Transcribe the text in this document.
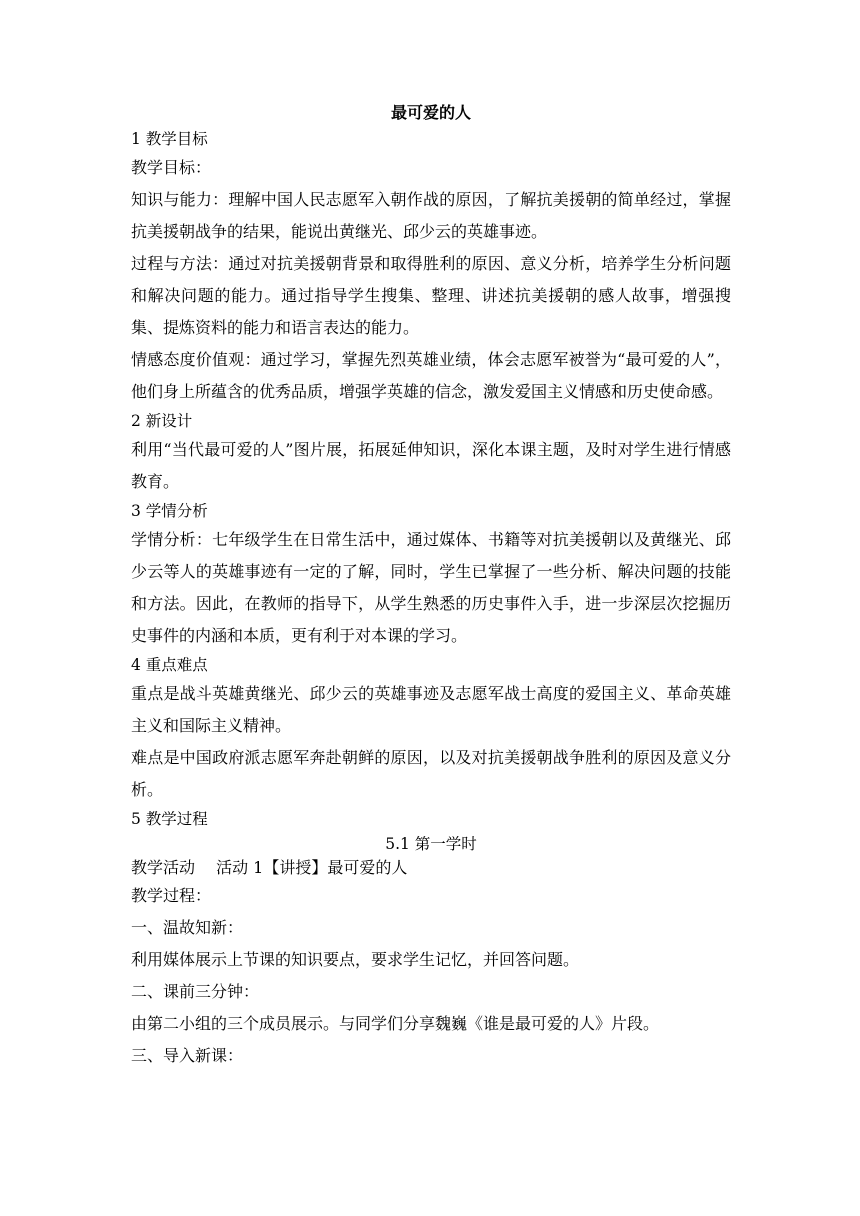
最可爱的人
1 教学目标

教学目标：

知识与能力：理解中国人民志愿军入朝作战的原因，了解抗美援朝的简单经过，掌握抗美援朝战争的结果，能说出黄继光、邱少云的英雄事迹。

过程与方法：通过对抗美援朝背景和取得胜利的原因、意义分析，培养学生分析问题和解决问题的能力。通过指导学生搜集、整理、讲述抗美援朝的感人故事，增强搜集、提炼资料的能力和语言表达的能力。

情感态度价值观：通过学习，掌握先烈英雄业绩，体会志愿军被誉为“最可爱的人”，他们身上所蕴含的优秀品质，增强学英雄的信念，激发爱国主义情感和历史使命感。

2 新设计

利用“当代最可爱的人”图片展，拓展延伸知识，深化本课主题，及时对学生进行情感教育。

3 学情分析

学情分析：七年级学生在日常生活中，通过媒体、书籍等对抗美援朝以及黄继光、邱少云等人的英雄事迹有一定的了解，同时，学生已掌握了一些分析、解决问题的技能和方法。因此，在教师的指导下，从学生熟悉的历史事件入手，进一步深层次挖掘历史事件的内涵和本质，更有利于对本课的学习。

4 重点难点

重点是战斗英雄黄继光、邱少云的英雄事迹及志愿军战士高度的爱国主义、革命英雄主义和国际主义精神。

难点是中国政府派志愿军奔赴朝鲜的原因，以及对抗美援朝战争胜利的原因及意义分析。

5 教学过程
5.1 第一学时
教学活动　 活动 1【讲授】最可爱的人

教学过程：

一、温故知新：

利用媒体展示上节课的知识要点，要求学生记忆，并回答问题。

二、课前三分钟：

由第二小组的三个成员展示。与同学们分享魏巍《谁是最可爱的人》片段。

三、导入新课：
